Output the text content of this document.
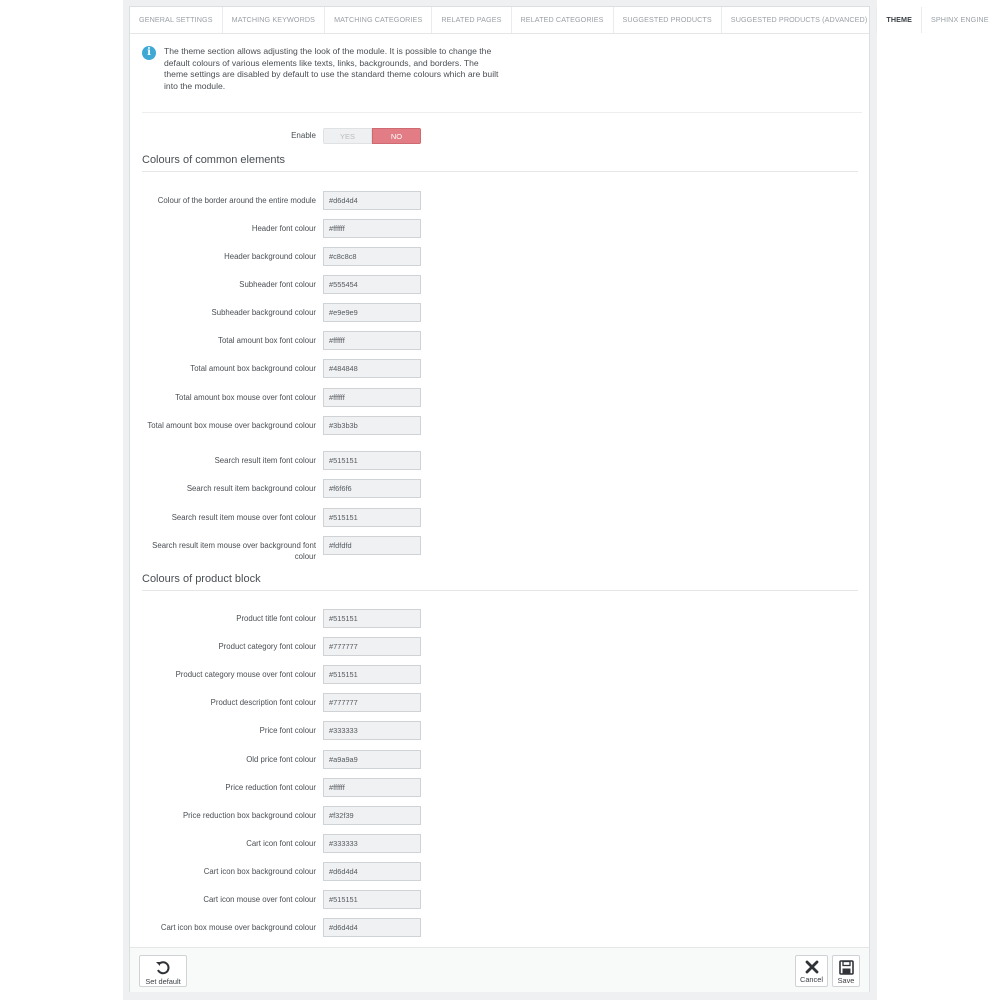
GENERAL SETTINGS	MATCHING KEYWORDS	MATCHING CATEGORIES	RELATED PAGES	RELATED CATEGORIES	SUGGESTED PRODUCTS	SUGGESTED PRODUCTS (ADVANCED)	THEME	SPHINX ENGINE
i	The theme section allows adjusting the look of the module. It is possible to change the default colours of various elements like texts, links, backgrounds, and borders. The theme settings are disabled by default to use the standard theme colours which are built into the module.
Enable	YES	NO
Colours of common elements
Colour of the border around the entire module
#d6d4d4
Header font colour
#ffffff
Header background colour
#c8c8c8
Subheader font colour
#555454
Subheader background colour
#e9e9e9
Total amount box font colour
#ffffff
Total amount box background colour
#484848
Total amount box mouse over font colour
#ffffff
Total amount box mouse over background colour
#3b3b3b
Search result item font colour
#515151
Search result item background colour
#f6f6f6
Search result item mouse over font colour
#515151
Search result item mouse over background font colour
#fdfdfd
Colours of product block
Product title font colour
#515151
Product category font colour
#777777
Product category mouse over font colour
#515151
Product description font colour
#777777
Price font colour
#333333
Old price font colour
#a9a9a9
Price reduction font colour
#ffffff
Price reduction box background colour
#f32f39
Cart icon font colour
#333333
Cart icon box background colour
#d6d4d4
Cart icon mouse over font colour
#515151
Cart icon box mouse over background colour
#d6d4d4
Set default	Cancel	Save
